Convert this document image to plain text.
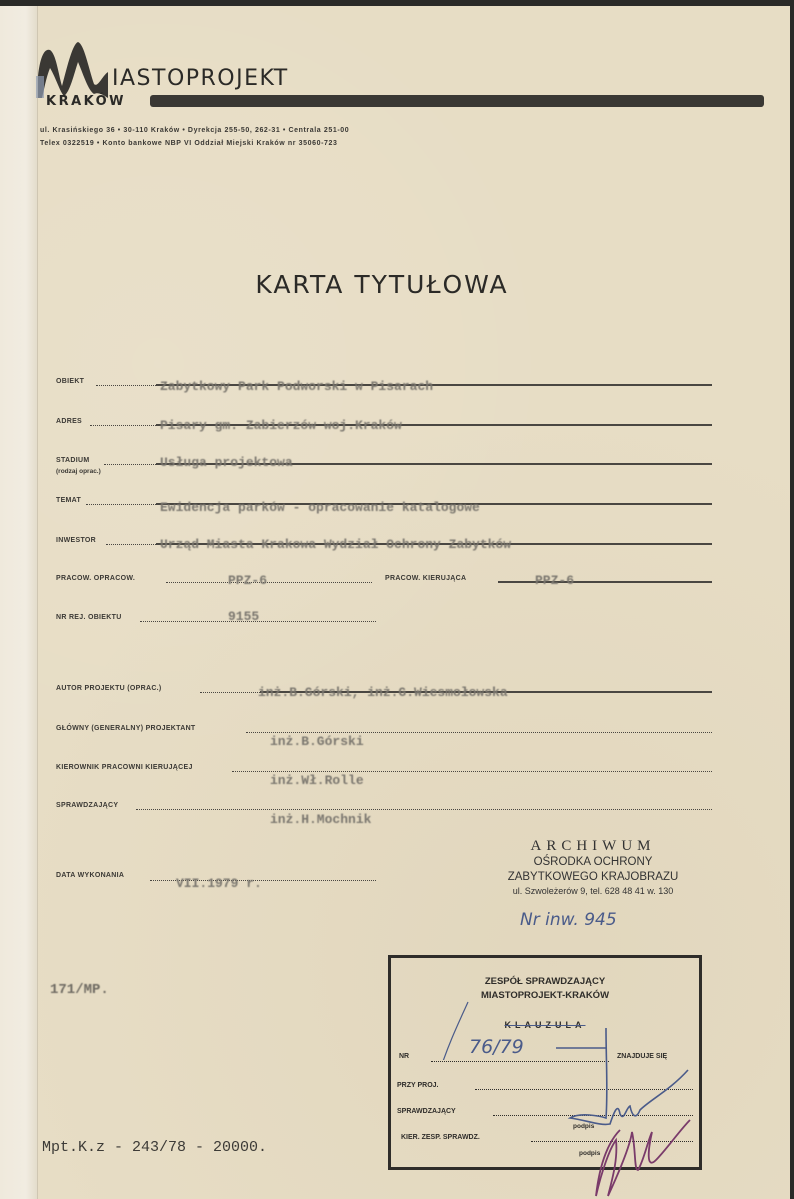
IASTOPROJEKT
KRAKÓW
ul. Krasińskiego 36 • 30-110 Kraków • Dyrekcja 255-50, 262-31 • Centrala 251-00
Telex 0322519 • Konto bankowe NBP VI Oddział Miejski Kraków nr 35060-723
KARTA TYTUŁOWA
OBIEKT	Zabytkowy Park Podworski w Pisarach
ADRES	Pisary gm. Zabierzów woj.Kraków
STADIUM
(rodzaj oprac.)
Usługa projektowa
TEMAT	Ewidencja parków - opracowanie katalogowe
INWESTOR	Urząd Miasta Krakowa Wydział Ochrony Zabytków
PRACOW. OPRACOW.	PPZ-6	PRACOW. KIERUJĄCA	PPZ-6
NR REJ. OBIEKTU	9155
AUTOR PROJEKTU (OPRAC.)	inż.B.Górski, inż.G.Wiesmołowska
GŁÓWNY (GENERALNY) PROJEKTANT
inż.B.Górski
KIEROWNIK PRACOWNI KIERUJĄCEJ
inż.Wł.Rolle
SPRAWDZAJĄCY
inż.H.Mochnik
DATA WYKONANIA
VII.1979 r.
ARCHIWUM
OŚRODKA OCHRONY
ZABYTKOWEGO KRAJOBRAZU
ul. Szwoleżerów 9, tel. 628 48 41 w. 130
Nr inw. 945
171/MP.
ZESPÓŁ SPRAWDZAJĄCY
MIASTOPROJEKT-KRAKÓW
KLAUZULA
NR	76/79	ZNAJDUJE SIĘ
PRZY PROJ.
SPRAWDZAJĄCY
podpis
KIER. ZESP. SPRAWDZ.
podpis
Mpt.K.z - 243/78 - 20000.
